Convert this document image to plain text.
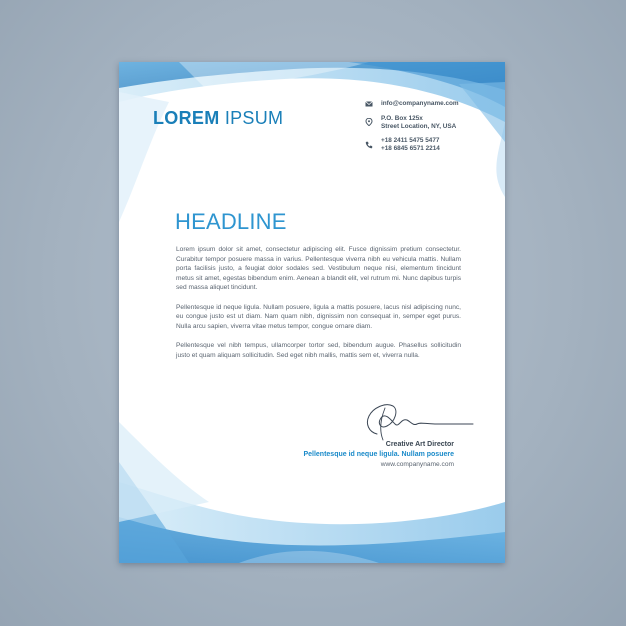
LOREM IPSUM
info@companyname.com
P.O. Box 125x
Street Location, NY, USA
+18 2411 5475 5477
+18 6845 6571 2214
HEADLINE

Lorem ipsum dolor sit amet, consectetur adipiscing elit. Fusce dignissim pretium consectetur. Curabitur tempor posuere massa in varius. Pellentesque viverra nibh eu vehicula mattis. Nullam porta facilisis justo, a feugiat dolor sodales sed. Vestibulum neque nisi, elementum tincidunt metus sit amet, egestas bibendum enim. Aenean a blandit elit, vel rutrum mi. Nunc dapibus turpis sed massa aliquet tincidunt.

Pellentesque id neque ligula. Nullam posuere, ligula a mattis posuere, lacus nisl adipiscing nunc, eu congue justo est ut diam. Nam quam nibh, dignissim non consequat in, semper eget purus. Nulla arcu sapien, viverra vitae metus tempor, congue ornare diam.

Pellentesque vel nibh tempus, ullamcorper tortor sed, bibendum augue. Phasellus sollicitudin justo et quam aliquam sollicitudin. Sed eget nibh mallis, mattis sem et, viverra nulla.

Creative Art Director
Pellentesque id neque ligula. Nullam posuere
www.companyname.com
